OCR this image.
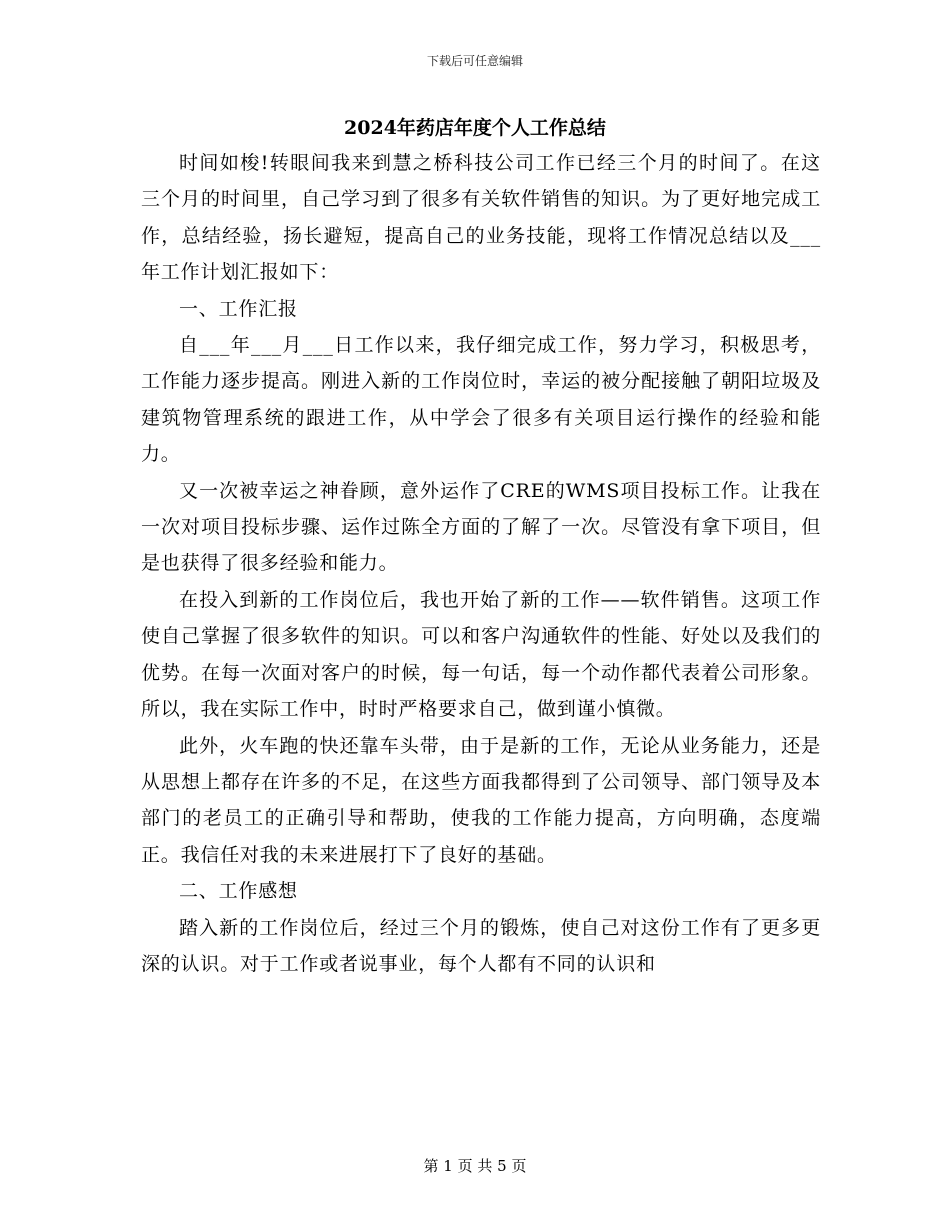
下载后可任意编辑
2024年药店年度个人工作总结

时间如梭!转眼间我来到慧之桥科技公司工作已经三个月的时间了。在这三个月的时间里，自己学习到了很多有关软件销售的知识。为了更好地完成工作，总结经验，扬长避短，提高自己的业务技能，现将工作情况总结以及___年工作计划汇报如下：

一、工作汇报

自___年___月___日工作以来，我仔细完成工作，努力学习，积极思考，工作能力逐步提高。刚进入新的工作岗位时，幸运的被分配接触了朝阳垃圾及建筑物管理系统的跟进工作，从中学会了很多有关项目运行操作的经验和能力。

又一次被幸运之神眷顾，意外运作了CRE的WMS项目投标工作。让我在一次对项目投标步骤、运作过陈全方面的了解了一次。尽管没有拿下项目，但是也获得了很多经验和能力。

在投入到新的工作岗位后，我也开始了新的工作——软件销售。这项工作使自己掌握了很多软件的知识。可以和客户沟通软件的性能、好处以及我们的优势。在每一次面对客户的时候，每一句话，每一个动作都代表着公司形象。所以，我在实际工作中，时时严格要求自己，做到谨小慎微。

此外，火车跑的快还靠车头带，由于是新的工作，无论从业务能力，还是从思想上都存在许多的不足，在这些方面我都得到了公司领导、部门领导及本部门的老员工的正确引导和帮助，使我的工作能力提高，方向明确，态度端正。我信任对我的未来进展打下了良好的基础。

二、工作感想

踏入新的工作岗位后，经过三个月的锻炼，使自己对这份工作有了更多更深的认识。对于工作或者说事业，每个人都有不同的认识和

第 1 页 共 5 页
